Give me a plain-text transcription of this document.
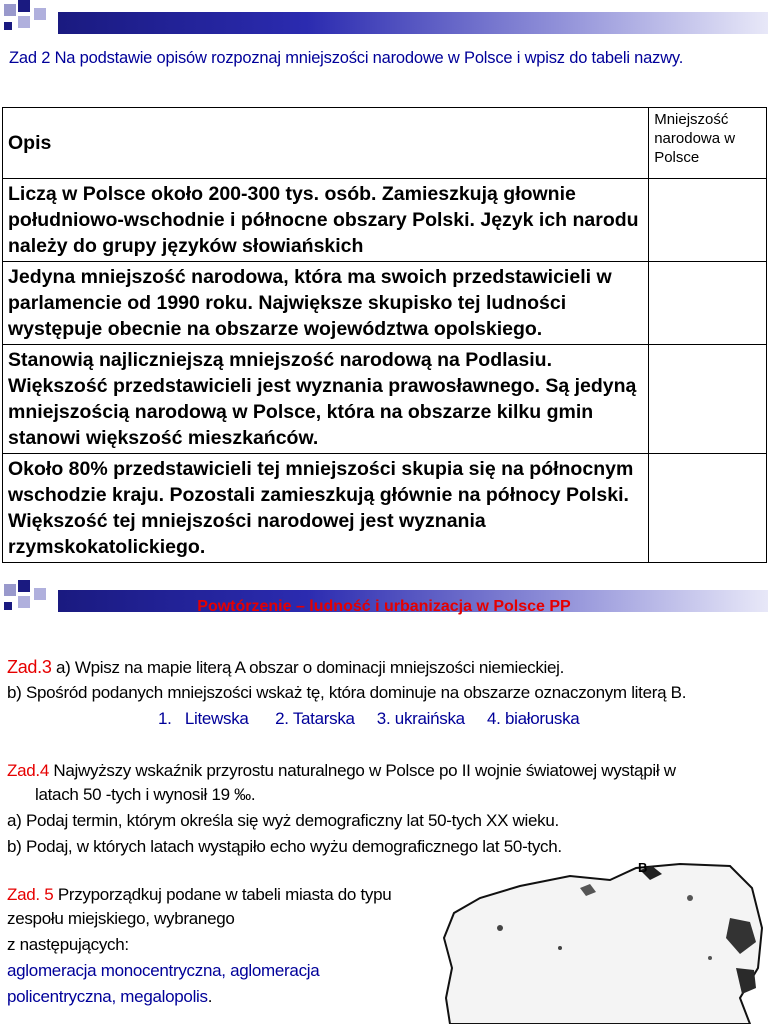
Zad 2 Na podstawie opisów rozpoznaj mniejszości narodowe w Polsce i wpisz do tabeli nazwy.
Opis	Mniejszość narodowa w Polsce
Liczą w Polsce około 200-300 tys. osób. Zamieszkują głownie południowo-wschodnie i północne obszary Polski. Język ich narodu należy do grupy języków słowiańskich	
Jedyna mniejszość narodowa, która ma swoich przedstawicieli w parlamencie od 1990 roku. Największe skupisko tej ludności występuje obecnie na obszarze województwa opolskiego.	
Stanowią najliczniejszą mniejszość narodową na Podlasiu. Większość przedstawicieli jest wyznania prawosławnego. Są jedyną mniejszością narodową w Polsce, która na obszarze kilku gmin stanowi większość mieszkańców.	
Około 80% przedstawicieli tej mniejszości skupia się na północnym wschodzie kraju. Pozostali zamieszkują głównie na północy Polski. Większość tej mniejszości narodowej jest wyznania rzymskokatolickiego.	
Powtórzenie – ludność i urbanizacja w Polsce PP
Zad.3 a) Wpisz na mapie literą A obszar o dominacji mniejszości niemieckiej.
b) Spośród podanych mniejszości wskaż tę, która dominuje na obszarze oznaczonym literą B.
1.   Litewska      2. Tatarska     3. ukraińska     4. białoruska
Zad.4 Najwyższy wskaźnik przyrostu naturalnego w Polsce po II wojnie światowej wystąpił w
latach 50 -tych i wynosił 19 ‰.
a) Podaj termin, którym określa się wyż demograficzny lat 50-tych XX wieku.
b) Podaj, w których latach wystąpiło echo wyżu demograficznego lat 50-tych.
Zad. 5 Przyporządkuj podane w tabeli miasta do typu
zespołu miejskiego, wybranego
z następujących:
aglomeracja monocentryczna, aglomeracja
policentryczna, megalopolis.
B
